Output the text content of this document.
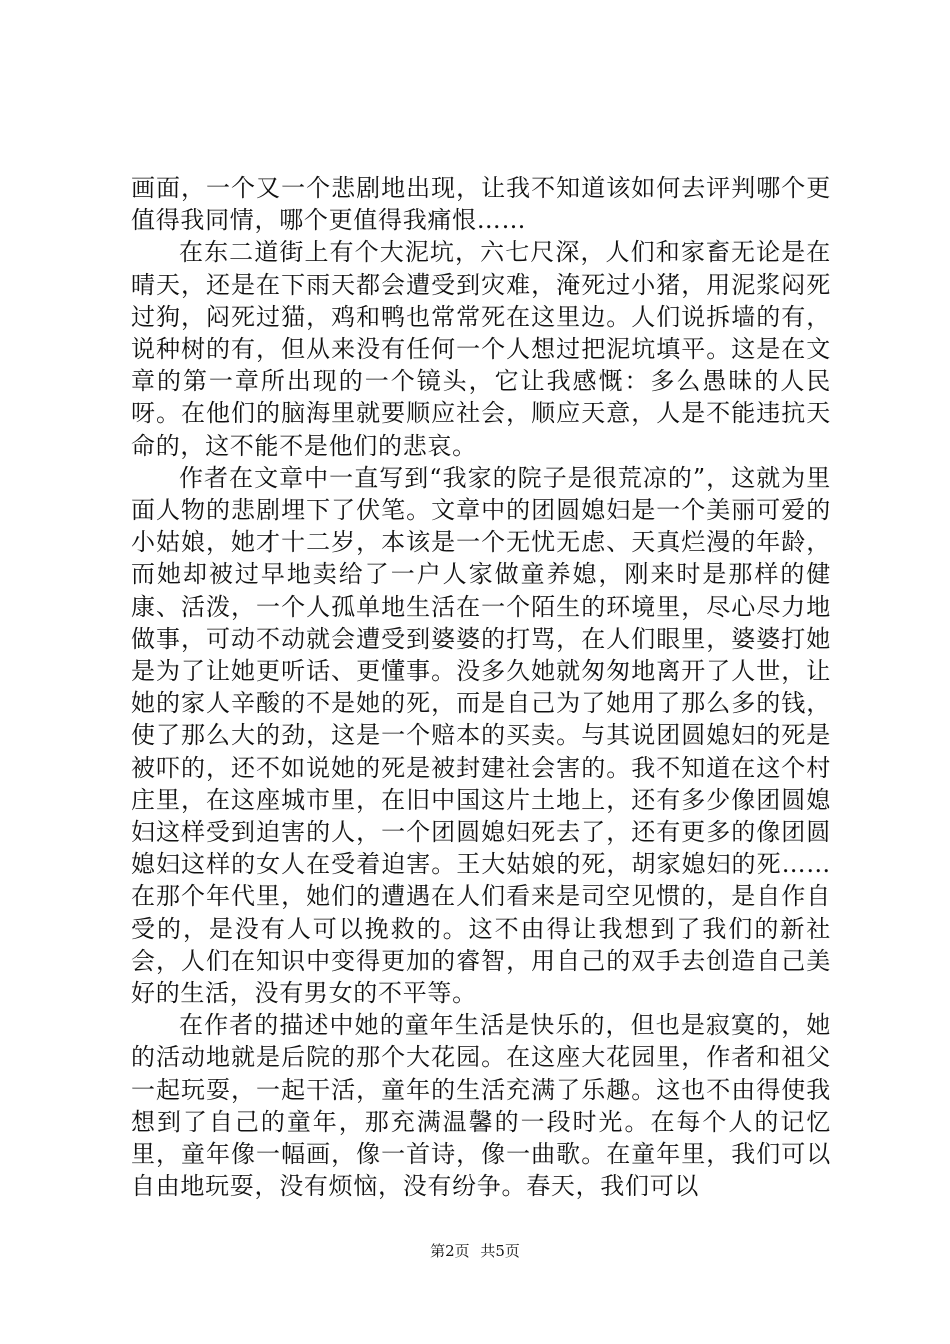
画面，一个又一个悲剧地出现，让我不知道该如何去评判哪个更值得我同情，哪个更值得我痛恨……

在东二道街上有个大泥坑，六七尺深，人们和家畜无论是在晴天，还是在下雨天都会遭受到灾难，淹死过小猪，用泥浆闷死过狗，闷死过猫，鸡和鸭也常常死在这里边。人们说拆墙的有，说种树的有，但从来没有任何一个人想过把泥坑填平。这是在文章的第一章所出现的一个镜头，它让我感慨：多么愚昧的人民呀。在他们的脑海里就要顺应社会，顺应天意，人是不能违抗天命的，这不能不是他们的悲哀。

作者在文章中一直写到“我家的院子是很荒凉的”，这就为里面人物的悲剧埋下了伏笔。文章中的团圆媳妇是一个美丽可爱的小姑娘，她才十二岁，本该是一个无忧无虑、天真烂漫的年龄，而她却被过早地卖给了一户人家做童养媳，刚来时是那样的健康、活泼，一个人孤单地生活在一个陌生的环境里，尽心尽力地做事，可动不动就会遭受到婆婆的打骂，在人们眼里，婆婆打她是为了让她更听话、更懂事。没多久她就匆匆地离开了人世，让她的家人辛酸的不是她的死，而是自己为了她用了那么多的钱，使了那么大的劲，这是一个赔本的买卖。与其说团圆媳妇的死是被吓的，还不如说她的死是被封建社会害的。我不知道在这个村庄里，在这座城市里，在旧中国这片土地上，还有多少像团圆媳妇这样受到迫害的人，一个团圆媳妇死去了，还有更多的像团圆媳妇这样的女人在受着迫害。王大姑娘的死，胡家媳妇的死……在那个年代里，她们的遭遇在人们看来是司空见惯的，是自作自受的，是没有人可以挽救的。这不由得让我想到了我们的新社会，人们在知识中变得更加的睿智，用自己的双手去创造自己美好的生活，没有男女的不平等。

在作者的描述中她的童年生活是快乐的，但也是寂寞的，她的活动地就是后院的那个大花园。在这座大花园里，作者和祖父一起玩耍，一起干活，童年的生活充满了乐趣。这也不由得使我想到了自己的童年，那充满温馨的一段时光。在每个人的记忆里，童年像一幅画，像一首诗，像一曲歌。在童年里，我们可以自由地玩耍，没有烦恼，没有纷争。春天，我们可以

第2页 共5页
